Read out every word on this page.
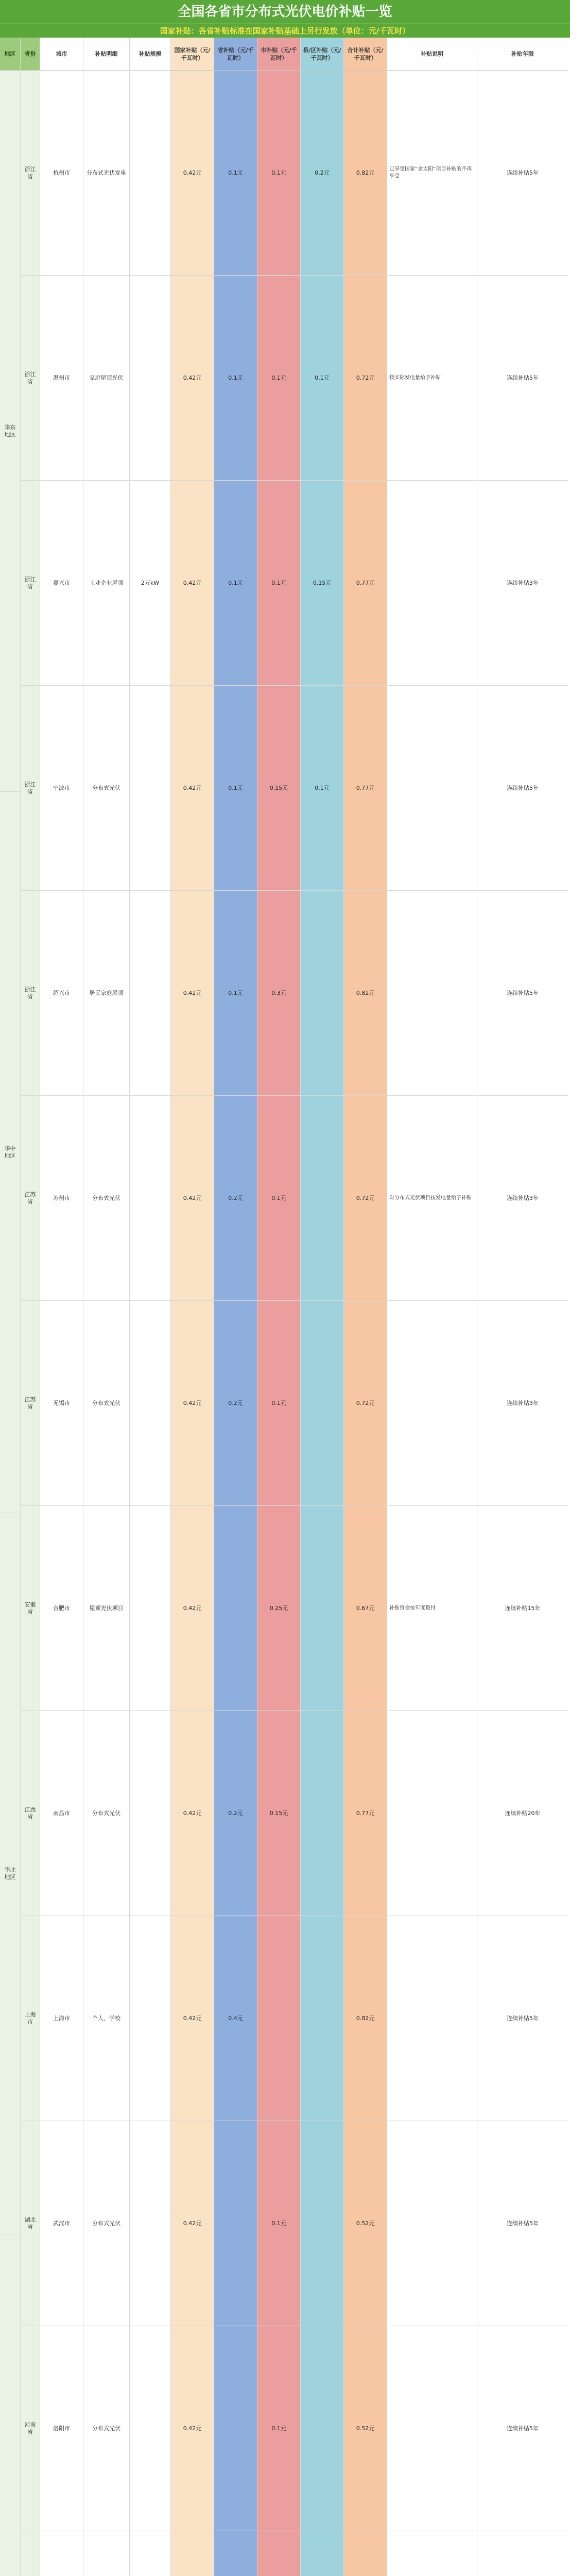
全国各省市分布式光伏电价补贴一览
国家补贴：各省补贴标准在国家补贴基础上另行发放（单位：元/千瓦时）
地区
华东地区
华中地区
华北地区
省份
浙江省
浙江省
浙江省
浙江省
浙江省
江苏省
江苏省
安徽省
江西省
上海市
湖北省
河南省
城市
杭州市
温州市
嘉兴市
宁波市
绍兴市
苏州市
无锡市
合肥市
南昌市
上海市
武汉市
洛阳市
补贴明细
分布式光伏发电
家庭屋顶光伏
工业企业屋顶
分布式光伏
居民家庭屋顶
分布式光伏
分布式光伏
屋顶光伏项目
分布式光伏
个人、学校
分布式光伏
分布式光伏
补贴规模
2万kW
国家补贴（元/千瓦时）
0.42元
0.42元
0.42元
0.42元
0.42元
0.42元
0.42元
0.42元
0.42元
0.42元
0.42元
0.42元
省补贴（元/千瓦时）
0.1元
0.1元
0.1元
0.1元
0.1元
0.2元
0.2元
0.2元
0.4元
市补贴（元/千瓦时）
0.1元
0.1元
0.1元
0.15元
0.3元
0.1元
0.1元
0.25元
0.15元
0.1元
0.1元
县/区补贴（元/千瓦时）
0.2元
0.1元
0.15元
0.1元
合计补贴（元/千瓦时）
0.82元
0.72元
0.77元
0.77元
0.82元
0.72元
0.72元
0.67元
0.77元
0.82元
0.52元
0.52元
补贴说明
已享受国家“金太阳”项目补贴的不再享受
按实际发电量给予补贴
对分布式光伏项目按发电量给予补贴
补贴资金按年度拨付
补贴年限
连续补贴5年
连续补贴5年
连续补贴3年
连续补贴5年
连续补贴5年
连续补贴3年
连续补贴3年
连续补贴15年
连续补贴20年
连续补贴5年
连续补贴5年
连续补贴5年
